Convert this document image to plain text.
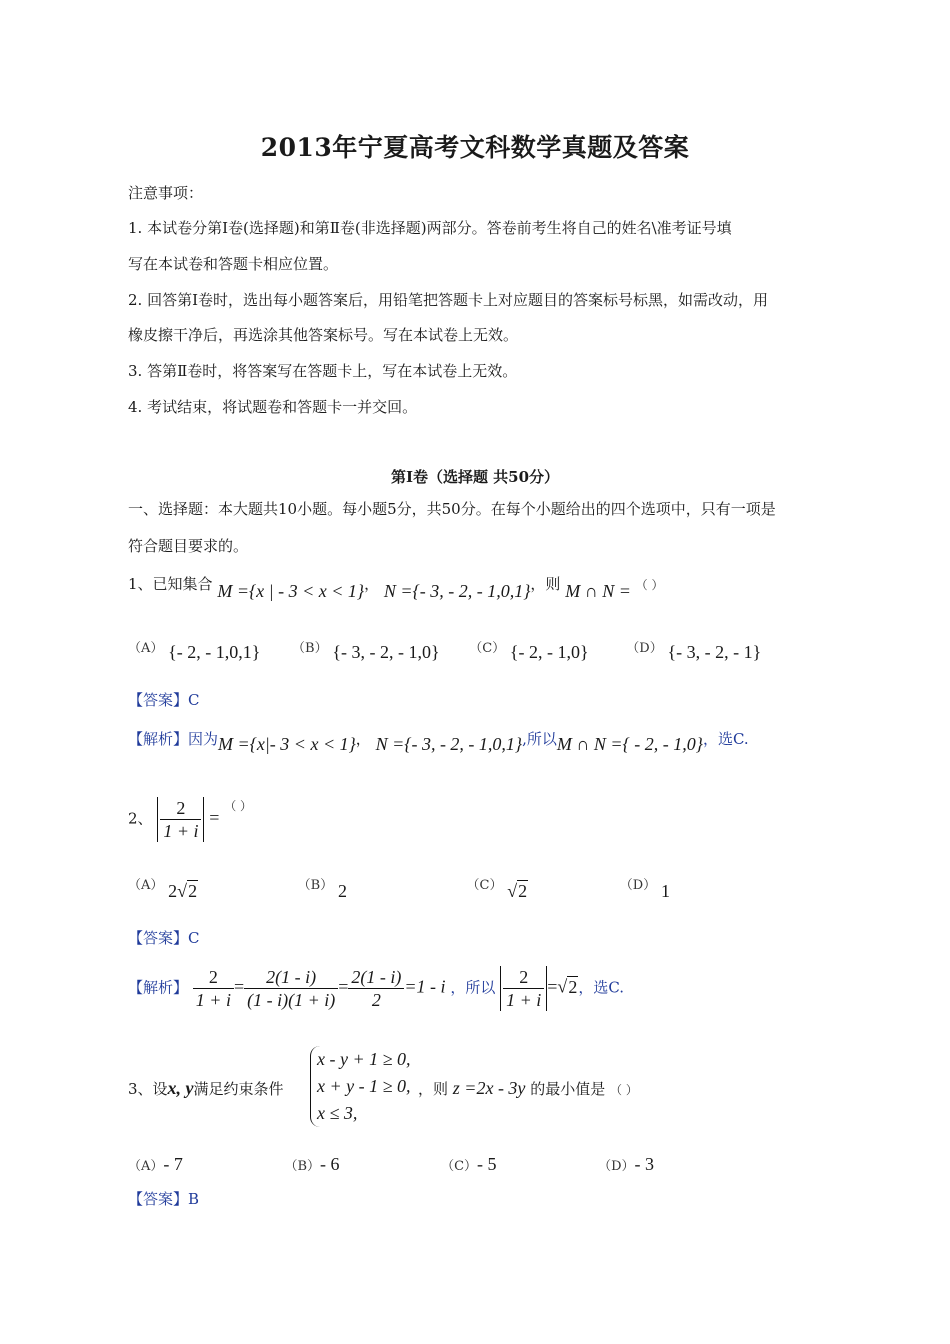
2013年宁夏高考文科数学真题及答案
注意事项：
1. 本试卷分第Ⅰ卷(选择题)和第Ⅱ卷(非选择题)两部分。答卷前考生将自己的姓名\准考证号填
写在本试卷和答题卡相应位置。
2. 回答第Ⅰ卷时，选出每小题答案后，用铅笔把答题卡上对应题目的答案标号标黑，如需改动，用
橡皮擦干净后，再选涂其他答案标号。写在本试卷上无效。
3. 答第Ⅱ卷时，将答案写在答题卡上，写在本试卷上无效。
4. 考试结束，将试题卷和答题卡一并交回。
第Ⅰ卷（选择题 共50分）
一、选择题：本大题共10小题。每小题5分，共50分。在每个小题给出的四个选项中，只有一项是
符合题目要求的。
1、已知集合 M ={x | - 3 < x < 1}， N ={- 3, - 2, - 1,0,1}，则 M ∩ N = （ ）
（A） {- 2, - 1,0,1} （B） {- 3, - 2, - 1,0} （C） {- 2, - 1,0}	（D） {- 3, - 2, - 1}
【答案】C
【解析】因为M ={x|- 3 < x < 1}， N ={- 3, - 2, - 1,0,1},所以M ∩ N ={ - 2, - 1,0}，选C.
2、 $\frac{2}{1 + i} = ^{( )}$
（A） 2√2	（B） 2	（C） √2	（D） 1
【答案】C
【解析】 $\frac{2}{1 + i} = \frac{2(1 - i)}{(1 - i)(1 + i)} = \frac{2(1 - i)}{2} =1 - i$ ，所以 $\frac{2}{1 + i} =√2$，选C.
3、设x, y满足约束条件
x - y + 1 ≥ 0,
x + y - 1 ≥ 0,
x ≤ 3,
，则 z =2x - 3y 的最小值是 （ ）
（A）- 7	（B）- 6	（C）- 5	（D）- 3
【答案】B
